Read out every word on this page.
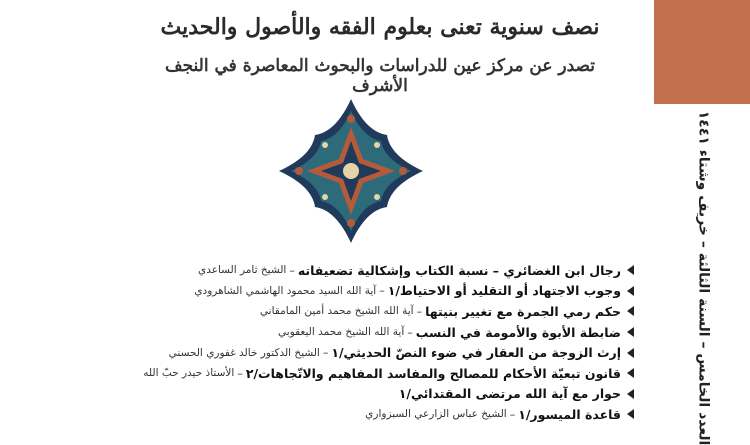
نصف سنوية تعنى بعلوم الفقه والأصول والحديث
تصدر عن مركز عين للدراسات والبحوث المعاصرة في النجف الأشرف
العدد الخامس – السنة الثالثة – خريف وشتاء ١٤٤١
رجال ابن الغضائري – نسبة الكتاب وإشكالية تضعيفاته
–
الشيخ ثامر الساعدي
وجوب الاجتهاد أو التقليد أو الاحتياط/١
–
آية الله السيد محمود الهاشمي الشاهرودي
حكم رمي الجمرة مع تغيير بنيتها
–
آية الله الشيخ محمد أمين المامقاني
ضابطة الأبوة والأمومة في النسب
–
آية الله الشيخ محمد اليعقوبي
إرث الزوجة من العقار في ضوء النصّ الحديثي/١
–
الشيخ الدكتور خالد غفوري الحسني
قانون تبعيّة الأحكام للمصالح والمفاسد المفاهيم والاتّجاهات/٢
–
الأستاذ حيدر حبّ الله
حوار مع آية الله مرتضى المقتدائي/١
قاعدة الميسور/١
–
الشيخ عباس الزارعي السبزواري
